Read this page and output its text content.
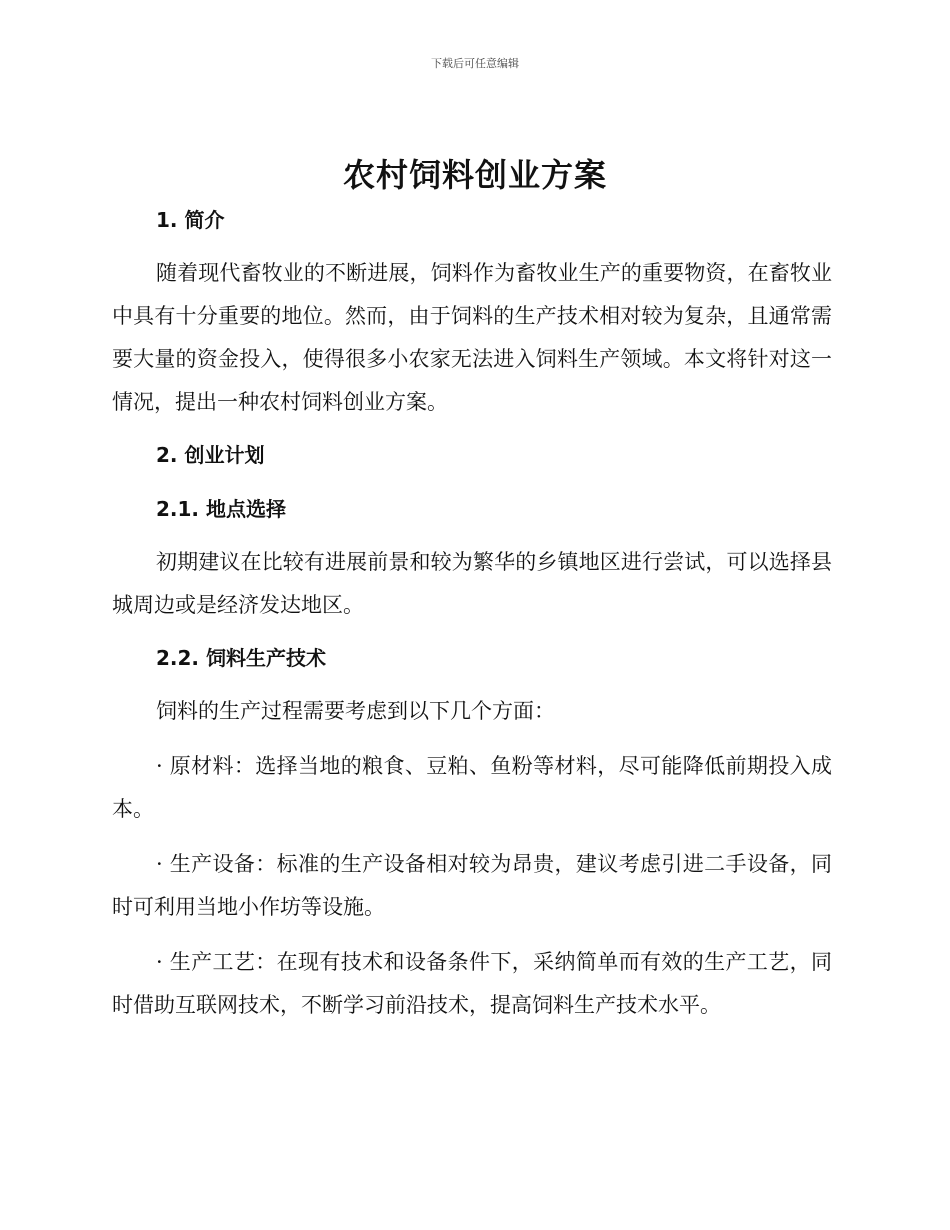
下载后可任意编辑
农村饲料创业方案
1. 简介

随着现代畜牧业的不断进展，饲料作为畜牧业生产的重要物资，在畜牧业中具有十分重要的地位。然而，由于饲料的生产技术相对较为复杂，且通常需要大量的资金投入，使得很多小农家无法进入饲料生产领域。本文将针对这一情况，提出一种农村饲料创业方案。

2. 创业计划
2.1. 地点选择

初期建议在比较有进展前景和较为繁华的乡镇地区进行尝试，可以选择县城周边或是经济发达地区。

2.2. 饲料生产技术

饲料的生产过程需要考虑到以下几个方面：

· 原材料：选择当地的粮食、豆粕、鱼粉等材料，尽可能降低前期投入成本。

· 生产设备：标准的生产设备相对较为昂贵，建议考虑引进二手设备，同时可利用当地小作坊等设施。

· 生产工艺：在现有技术和设备条件下，采纳简单而有效的生产工艺，同时借助互联网技术，不断学习前沿技术，提高饲料生产技术水平。
